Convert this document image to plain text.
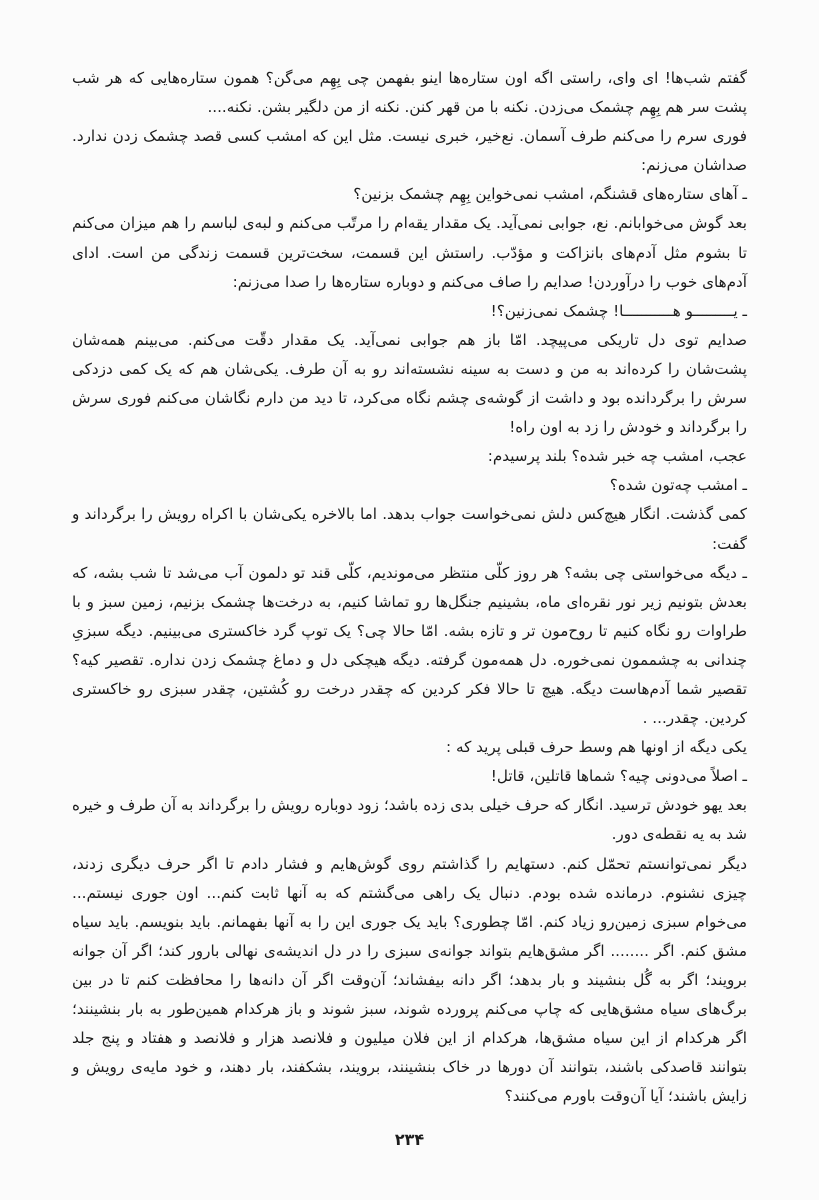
گفتم شب‌ها! ای وای، راستی اگه اون ستاره‌ها اینو بفهمن چی بِهِم می‌گن؟ همون ستاره‌هایی که هر شب پشت سر هم بِهِم چشمک می‌زدن. نکنه با من قهر کنن. نکنه از من دلگیر بشن. نکنه....

فوری سرم را می‌کنم طرف آسمان. نع‌خیر، خبری نیست. مثل این که امشب کسی قصد چشمک زدن ندارد. صداشان می‌زنم:

ـ آهای ستاره‌های قشنگم، امشب نمی‌خواین بِهِم چشمک بزنین؟

بعد گوش می‌خوابانم. نع، جوابی نمی‌آید. یک مقدار یقه‌ام را مرتّب می‌کنم و لبه‌ی لباسم را هم میزان می‌کنم تا بشوم مثل آدم‌های بانزاکت و مؤدّب. راستش این قسمت، سخت‌ترین قسمت زندگی من است. ادای آدم‌های خوب را درآوردن! صدایم را صاف می‌کنم و دوباره ستاره‌ها را صدا می‌زنم:

ـ یـــــــــو هـــــــــــا! چشمک نمی‌زنین؟!

صدایم توی دل تاریکی می‌پیچد. امّا باز هم جوابی نمی‌آید. یک مقدار دقّت می‌کنم. می‌بینم همه‌شان پشت‌شان را کرده‌اند به من و دست به سینه نشسته‌اند رو به آن طرف. یکی‌شان هم که یک کمی دزدکی سرش را برگردانده بود و داشت از گوشه‌ی چشم نگاه می‌کرد، تا دید من دارم نگاشان می‌کنم فوری سرش را برگرداند و خودش را زد به اون راه!

عجب، امشب چه خبر شده؟ بلند پرسیدم:

ـ امشب چه‌تون شده؟

کمی گذشت. انگار هیچ‌کس دلش نمی‌خواست جواب بدهد. اما بالاخره یکی‌شان با اکراه رویش را برگرداند و گفت:

ـ دیگه می‌خواستی چی بشه؟ هر روز کلّی منتظر می‌موندیم، کلّی قند تو دلمون آب می‌شد تا شب بشه، که بعدش بتونیم زیر نور نقره‌ای ماه، بشینیم جنگل‌ها رو تماشا کنیم، به درخت‌ها چشمک بزنیم، زمین سبز و با طراوات رو نگاه کنیم تا روح‌مون تر و تازه بشه. امّا حالا چی؟ یک توپ گرد خاکستری می‌بینیم. دیگه سبزیِ چندانی به چشممون نمی‌خوره. دل همه‌مون گرفته. دیگه هیچکی دل و دماغ چشمک زدن نداره. تقصیر کیه؟ تقصیر شما آدم‌هاست دیگه. هیچ تا حالا فکر کردین که چقدر درخت رو کُشتین، چقدر سبزی رو خاکستری کردین. چقدر... .

یکی دیگه از اونها هم وسط حرف قبلی پرید که :

ـ اصلاً می‌دونی چیه؟ شماها قاتلین، قاتل!

بعد یهو خودش ترسید. انگار که حرف خیلی بدی زده باشد؛ زود دوباره رویش را برگرداند به آن طرف و خیره شد به یه نقطه‌ی دور.

دیگر نمی‌توانستم تحمّل کنم. دستهایم را گذاشتم روی گوش‌هایم و فشار دادم تا اگر حرف دیگری زدند، چیزی نشنوم. درمانده شده بودم. دنبال یک راهی می‌گشتم که به آنها ثابت کنم... اون جوری نیستم... می‌خوام سبزی زمین‌رو زیاد کنم. امّا چطوری؟ باید یک جوری این را به آنها بفهمانم. باید بنویسم. باید سیاه مشق کنم. اگر ........ اگر مشق‌هایم بتواند جوانه‌ی سبزی را در دل اندیشه‌ی نهالی بارور کند؛ اگر آن جوانه برویند؛ اگر به گُل بنشیند و بار بدهد؛ اگر دانه بیفشاند؛ آن‌وقت اگر آن دانه‌ها را محافظت کنم تا در بین برگ‌های سیاه مشق‌هایی که چاپ می‌کنم پرورده شوند، سبز شوند و باز هرکدام همین‌طور به بار بنشینند؛ اگر هرکدام از این سیاه مشق‌ها، هرکدام از این فلان میلیون و فلانصد هزار و فلانصد و هفتاد و پنج جلد بتوانند قاصدکی باشند، بتوانند آن دورها در خاک بنشینند، برویند، بشکفند، بار دهند، و خود مایه‌ی رویش و زایش باشند؛ آیا آن‌وقت باورم می‌کنند؟

۲۳۴
